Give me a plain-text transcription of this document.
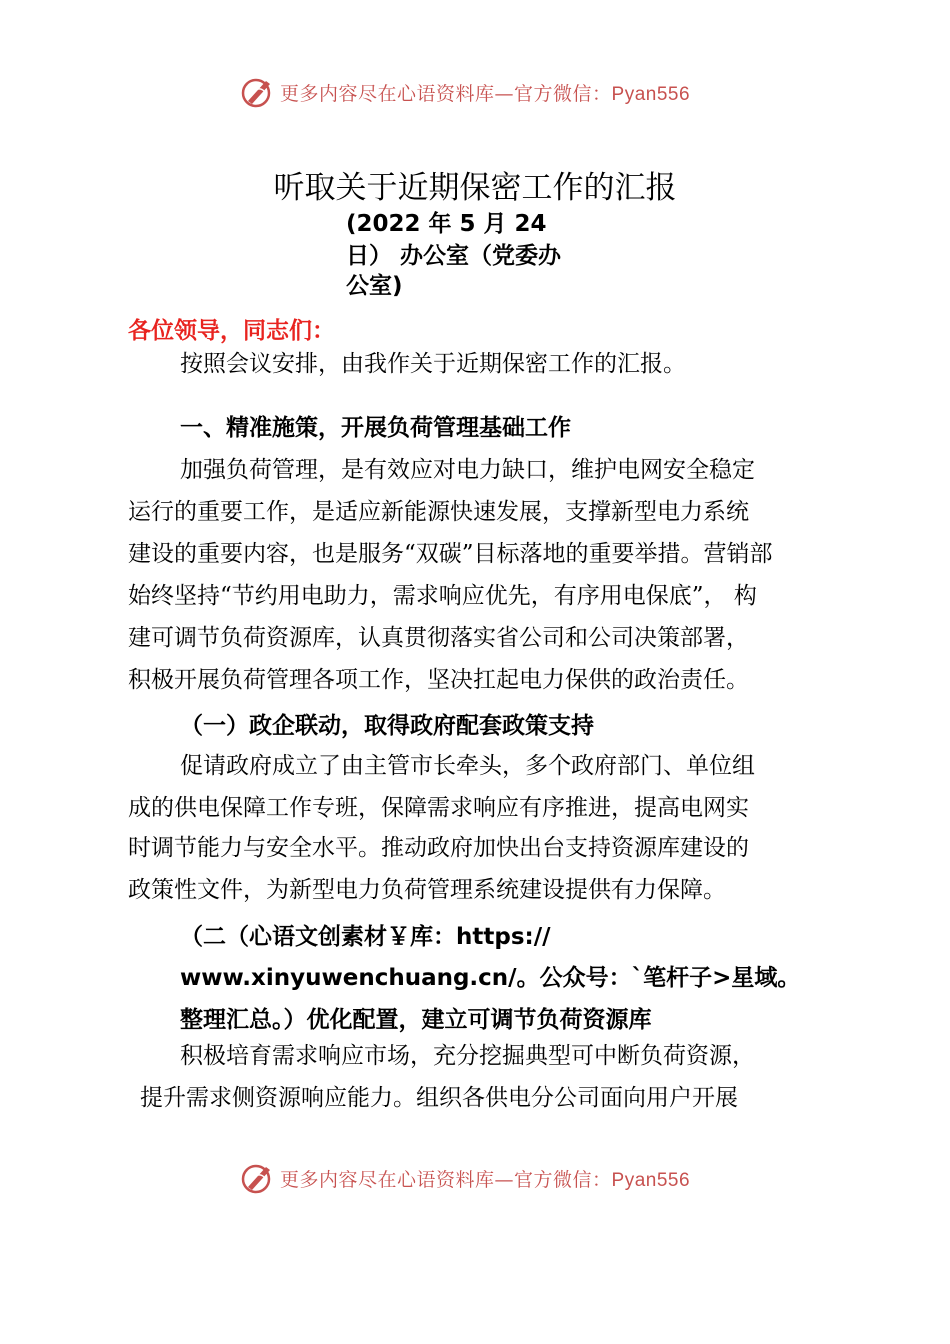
更多内容尽在心语资料库—官方微信：Pyan556
听取关于近期保密工作的汇报
(2022 年 5 月 24
日） 办公室（党委办
公室)
各位领导，同志们：
按照会议安排，由我作关于近期保密工作的汇报。
一、精准施策，开展负荷管理基础工作
加强负荷管理，是有效应对电力缺口，维护电网安全稳定
运行的重要工作，是适应新能源快速发展，支撑新型电力系统
建设的重要内容，也是服务“双碳”目标落地的重要举措。营销部
始终坚持“节约用电助力，需求响应优先，有序用电保底”， 构
建可调节负荷资源库，认真贯彻落实省公司和公司决策部署，
积极开展负荷管理各项工作，坚决扛起电力保供的政治责任。
（一）政企联动，取得政府配套政策支持
促请政府成立了由主管市长牵头，多个政府部门、单位组
成的供电保障工作专班，保障需求响应有序推进，提高电网实
时调节能力与安全水平。推动政府加快出台支持资源库建设的
政策性文件，为新型电力负荷管理系统建设提供有力保障。
（二（心语文创素材￥库：https://
www.xinyuwenchuang.cn/。公众号：`笔杆子>星域。
整理汇总。）优化配置，建立可调节负荷资源库
积极培育需求响应市场，充分挖掘典型可中断负荷资源，
提升需求侧资源响应能力。组织各供电分公司面向用户开展
更多内容尽在心语资料库—官方微信：Pyan556
